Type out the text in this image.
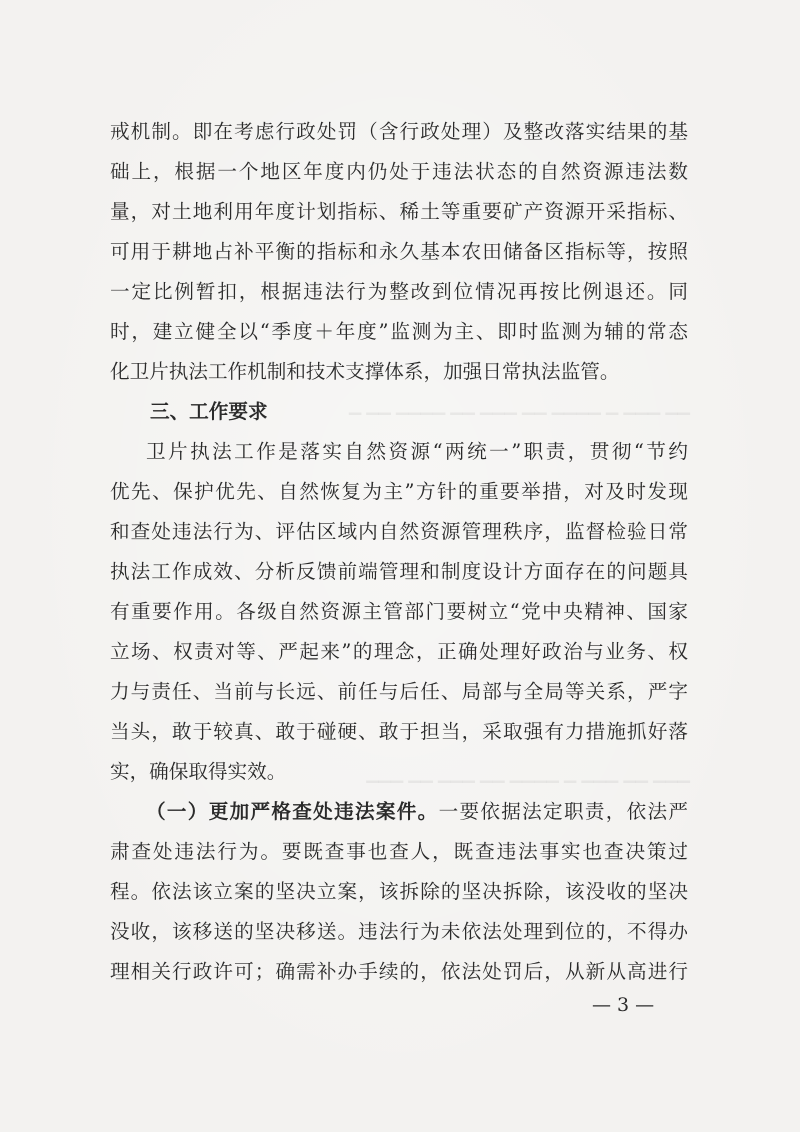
▁▁ ▁▁▁ ▁ ▁▁▁▁ ▁▁ ▁▁▁ ▁▁ ▁▁▁▁ ▁▁ ▁
▁▁▁ ▁▁ ▁▁▁ ▁ ▁▁▁▁ ▁▁ ▁▁▁ ▁▁ ▁▁▁
戒机制。即在考虑行政处罚（含行政处理）及整改落实结果的基
础上，根据一个地区年度内仍处于违法状态的自然资源违法数
量，对土地利用年度计划指标、稀土等重要矿产资源开采指标、
可用于耕地占补平衡的指标和永久基本农田储备区指标等，按照
一定比例暂扣，根据违法行为整改到位情况再按比例退还。同
时，建立健全以“季度＋年度”监测为主、即时监测为辅的常态
化卫片执法工作机制和技术支撑体系，加强日常执法监管。
三、工作要求
卫片执法工作是落实自然资源“两统一”职责，贯彻“节约
优先、保护优先、自然恢复为主”方针的重要举措，对及时发现
和查处违法行为、评估区域内自然资源管理秩序，监督检验日常
执法工作成效、分析反馈前端管理和制度设计方面存在的问题具
有重要作用。各级自然资源主管部门要树立“党中央精神、国家
立场、权责对等、严起来”的理念，正确处理好政治与业务、权
力与责任、当前与长远、前任与后任、局部与全局等关系，严字
当头，敢于较真、敢于碰硬、敢于担当，采取强有力措施抓好落
实，确保取得实效。
（一）更加严格查处违法案件。一要依据法定职责，依法严
肃查处违法行为。要既查事也查人，既查违法事实也查决策过
程。依法该立案的坚决立案，该拆除的坚决拆除，该没收的坚决
没收，该移送的坚决移送。违法行为未依法处理到位的，不得办
理相关行政许可；确需补办手续的，依法处罚后，从新从高进行
— 3 —
